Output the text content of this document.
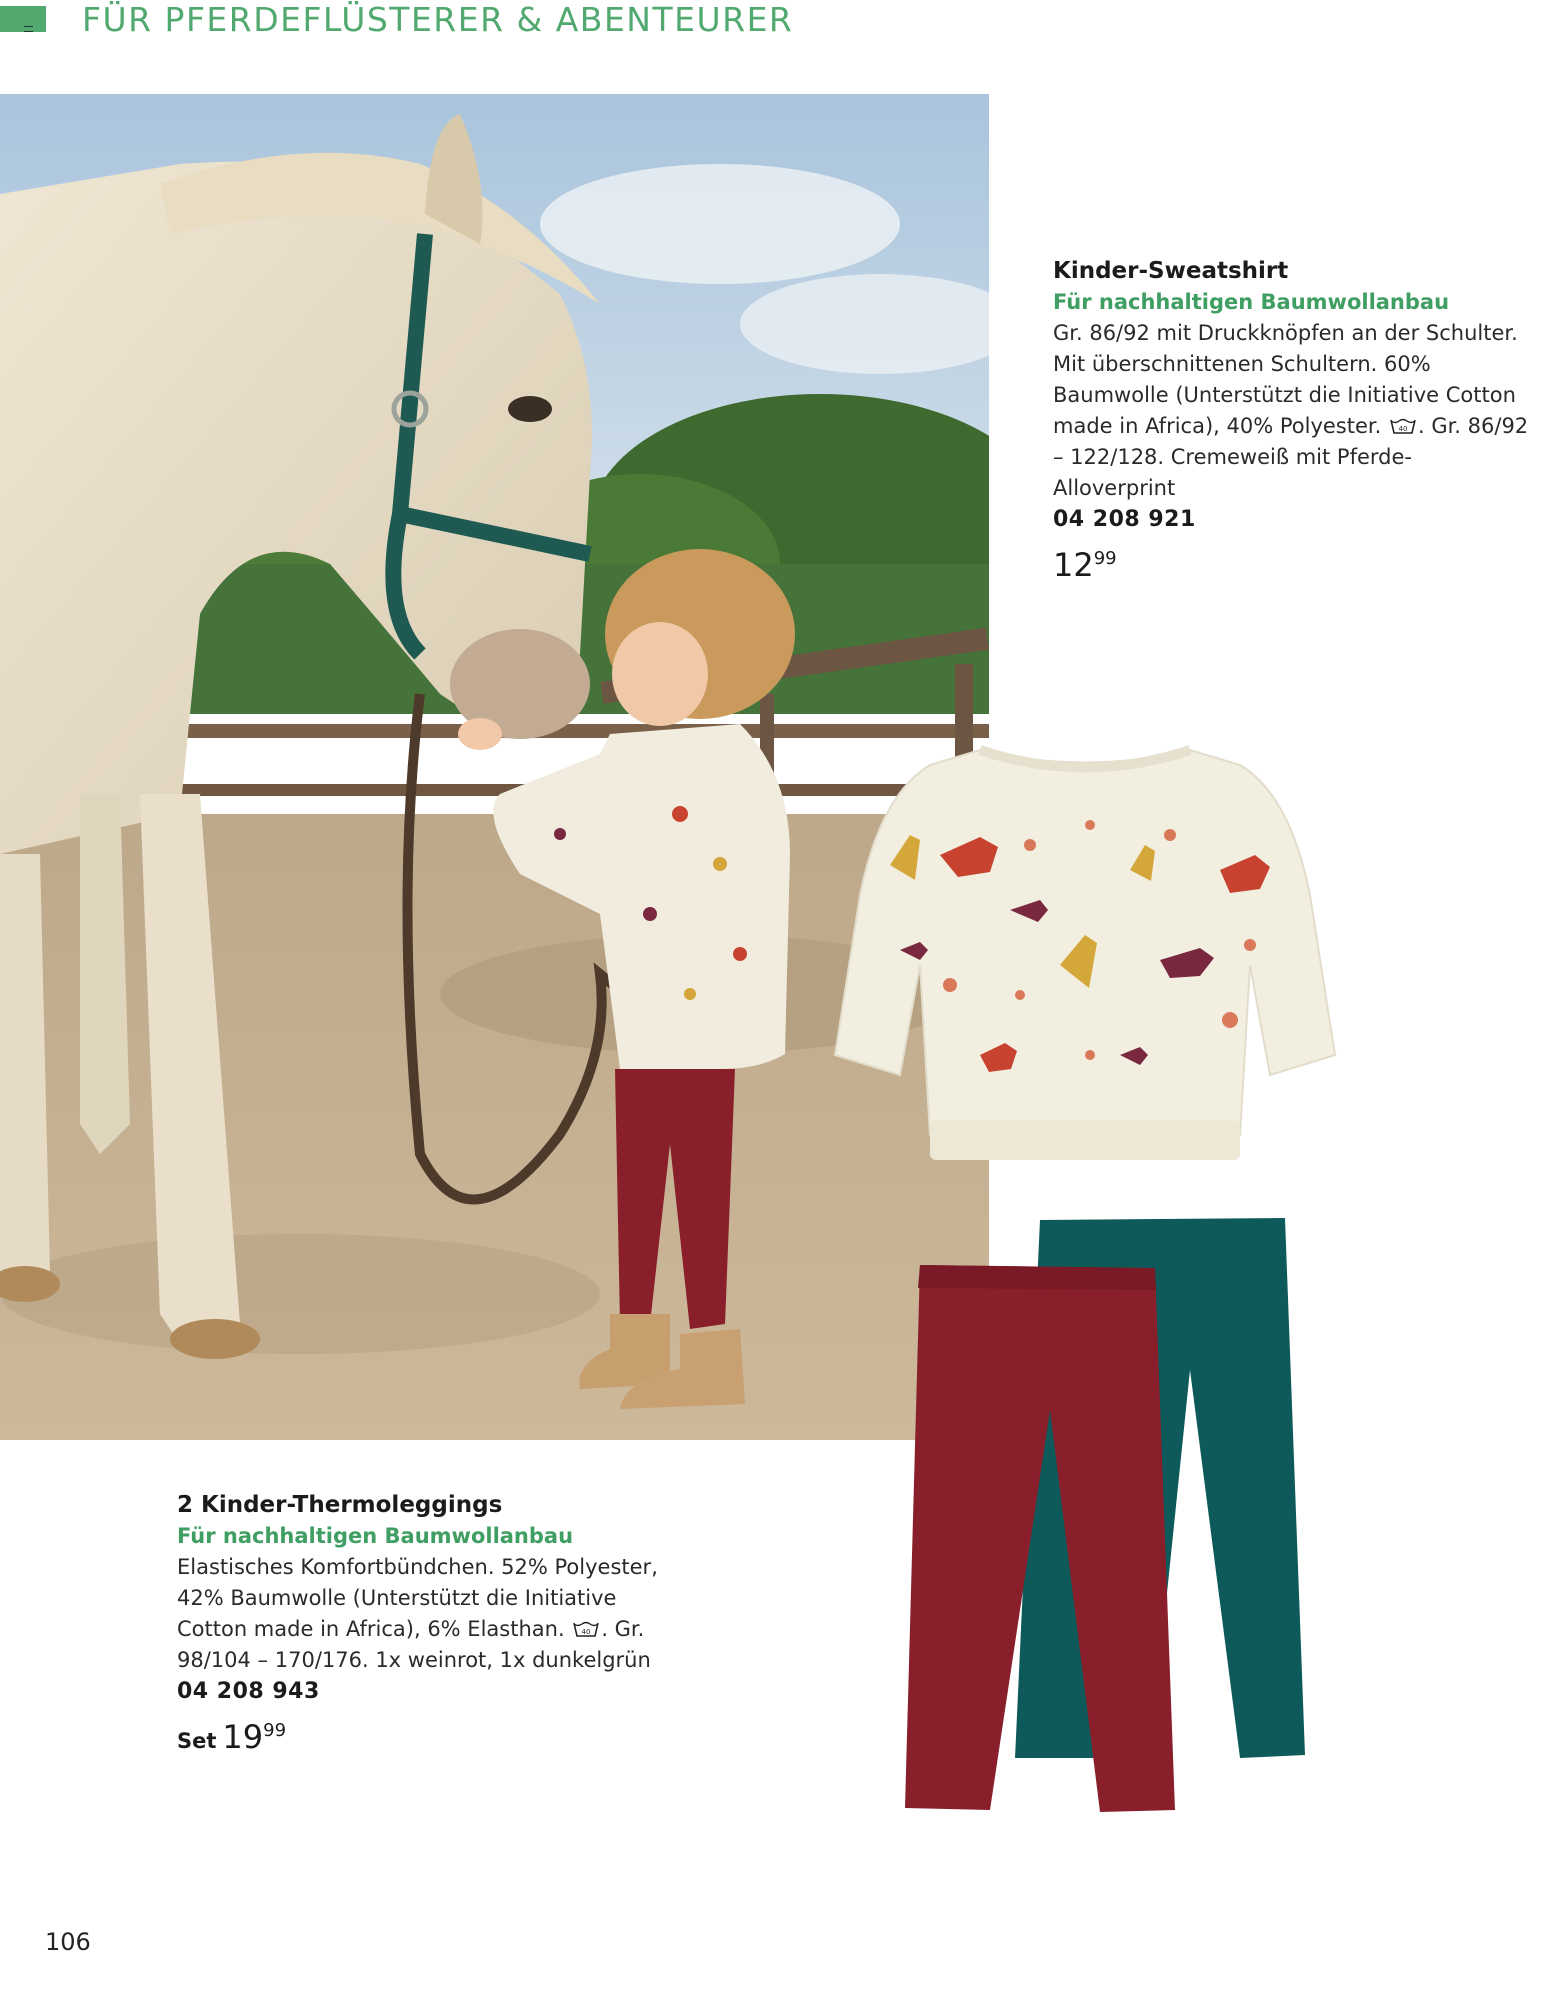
FÜR PFERDEFLÜSTERER & ABENTEURER
Kinder-Sweatshirt
Für nachhaltigen Baumwollanbau
Gr. 86/92 mit Druckknöpfen an der Schulter. Mit überschnittenen Schultern. 60% Baumwolle (Unterstützt die Initiative Cotton made in Africa), 40% Polyester. 40 . Gr. 86/92 – 122/128. Cremeweiß mit Pferde-Alloverprint
04 208 921
1299
2 Kinder-Thermoleggings
Für nachhaltigen Baumwollanbau
Elastisches Komfortbündchen. 52% Polyester, 42% Baumwolle (Unterstützt die Initiative Cotton made in Africa), 6% Elasthan. 40 . Gr. 98/104 – 170/176. 1x weinrot, 1x dunkelgrün
04 208 943
Set 1999
106
